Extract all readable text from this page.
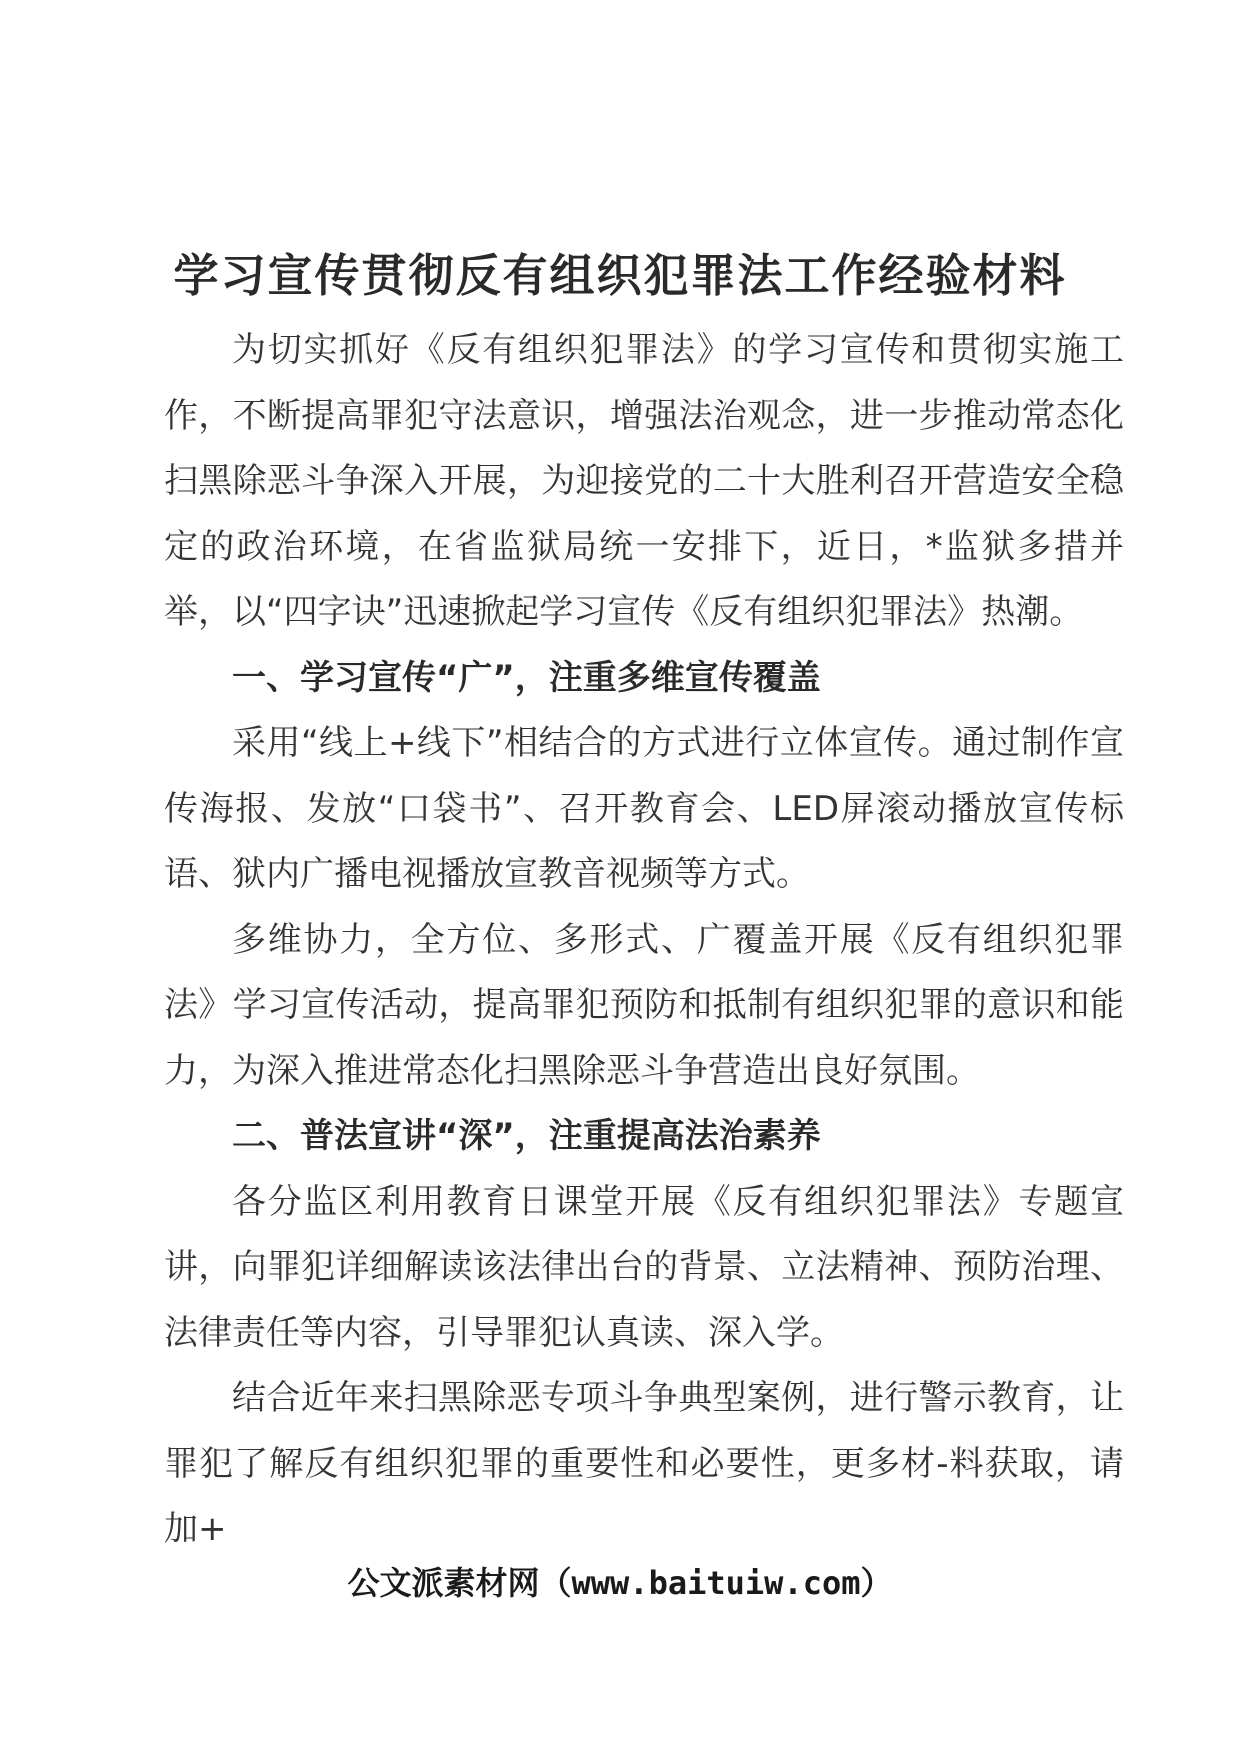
学习宣传贯彻反有组织犯罪法工作经验材料

为切实抓好《反有组织犯罪法》的学习宣传和贯彻实施工作，不断提高罪犯守法意识，增强法治观念，进一步推动常态化扫黑除恶斗争深入开展，为迎接党的二十大胜利召开营造安全稳定的政治环境，在省监狱局统一安排下，近日，*监狱多措并举，以“四字诀”迅速掀起学习宣传《反有组织犯罪法》热潮。

一、学习宣传“广”，注重多维宣传覆盖

采用“线上+线下”相结合的方式进行立体宣传。通过制作宣传海报、发放“口袋书”、召开教育会、LED屏滚动播放宣传标语、狱内广播电视播放宣教音视频等方式。

多维协力，全方位、多形式、广覆盖开展《反有组织犯罪法》学习宣传活动，提高罪犯预防和抵制有组织犯罪的意识和能力，为深入推进常态化扫黑除恶斗争营造出良好氛围。

二、普法宣讲“深”，注重提高法治素养

各分监区利用教育日课堂开展《反有组织犯罪法》专题宣讲，向罪犯详细解读该法律出台的背景、立法精神、预防治理、法律责任等内容，引导罪犯认真读、深入学。

结合近年来扫黑除恶专项斗争典型案例，进行警示教育，让罪犯了解反有组织犯罪的重要性和必要性，更多材-料获取，请加+

公文派素材网（www.baituiw.com）
